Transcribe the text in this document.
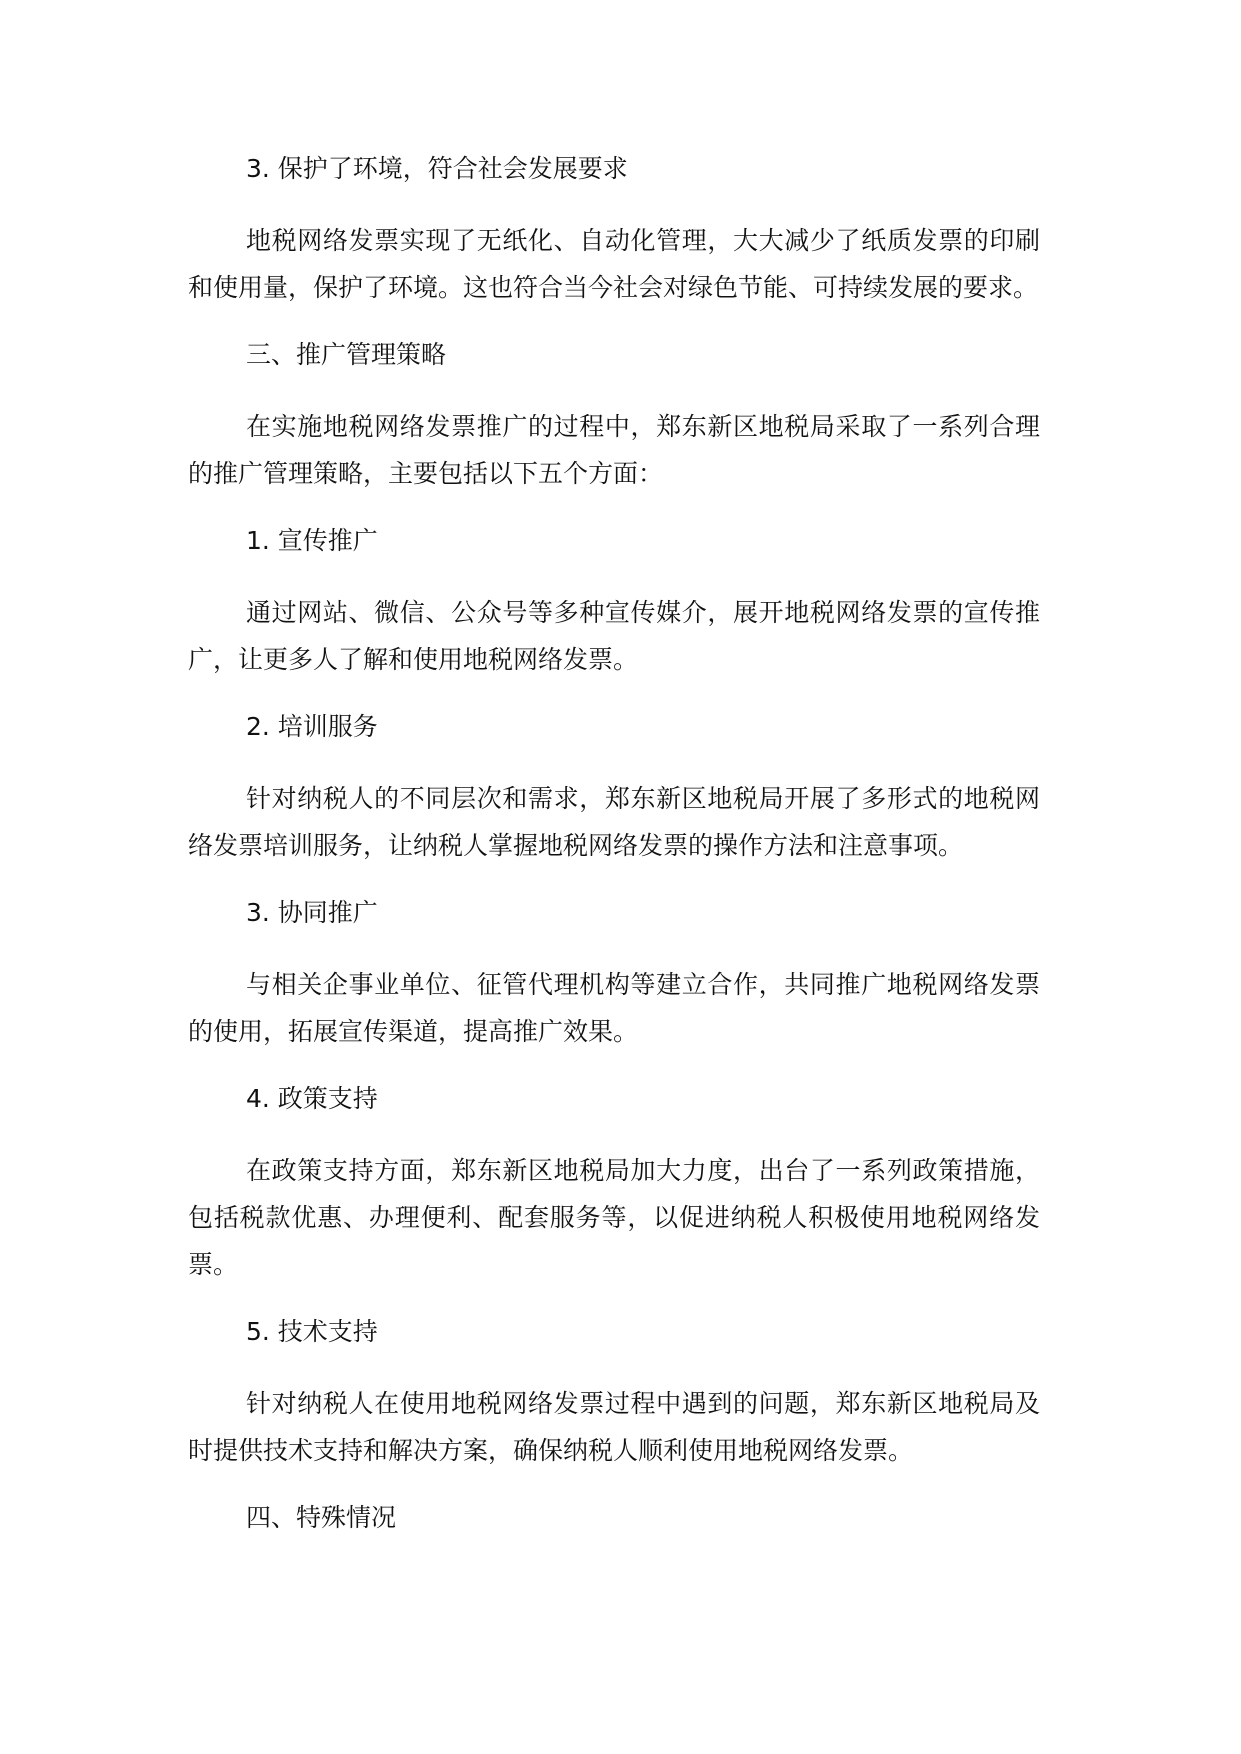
3. 保护了环境，符合社会发展要求

地税网络发票实现了无纸化、自动化管理，大大减少了纸质发票的印刷和使用量，保护了环境。这也符合当今社会对绿色节能、可持续发展的要求。

三、推广管理策略

在实施地税网络发票推广的过程中，郑东新区地税局采取了一系列合理的推广管理策略，主要包括以下五个方面：

1. 宣传推广

通过网站、微信、公众号等多种宣传媒介，展开地税网络发票的宣传推广，让更多人了解和使用地税网络发票。

2. 培训服务

针对纳税人的不同层次和需求，郑东新区地税局开展了多形式的地税网络发票培训服务，让纳税人掌握地税网络发票的操作方法和注意事项。

3. 协同推广

与相关企事业单位、征管代理机构等建立合作，共同推广地税网络发票的使用，拓展宣传渠道，提高推广效果。

4. 政策支持

在政策支持方面，郑东新区地税局加大力度，出台了一系列政策措施，包括税款优惠、办理便利、配套服务等，以促进纳税人积极使用地税网络发票。

5. 技术支持

针对纳税人在使用地税网络发票过程中遇到的问题，郑东新区地税局及时提供技术支持和解决方案，确保纳税人顺利使用地税网络发票。

四、特殊情况
